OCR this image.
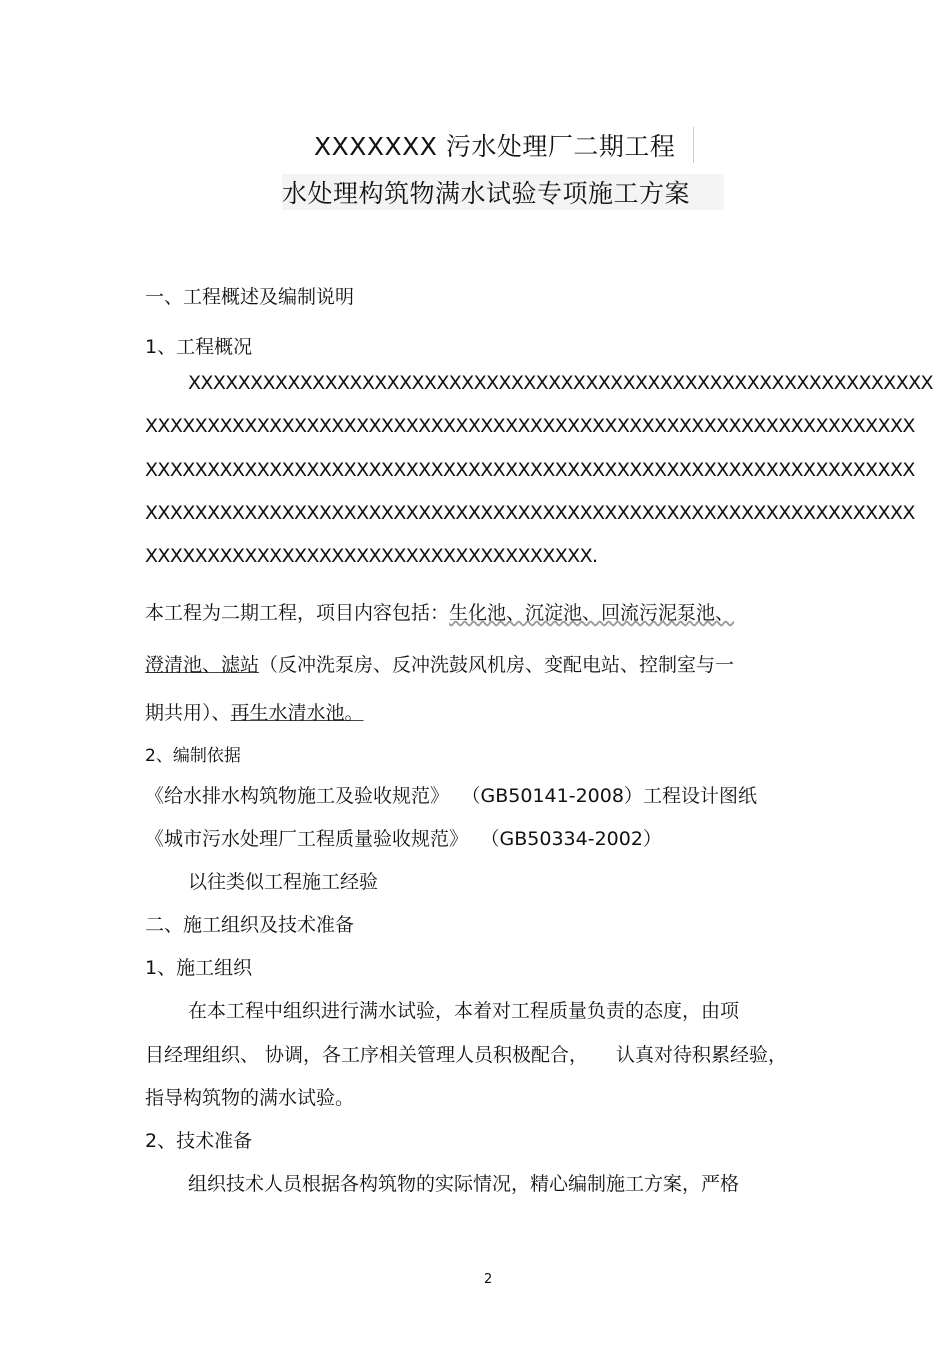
XXXXXXX 污水处理厂二期工程
水处理构筑物满水试验专项施工方案
一、工程概述及编制说明
1、工程概况
XXXXXXXXXXXXXXXXXXXXXXXXXXXXXXXXXXXXXXXXXXXXXXXXXXXXXXXXXXXX
XXXXXXXXXXXXXXXXXXXXXXXXXXXXXXXXXXXXXXXXXXXXXXXXXXXXXXXXXXXXXX
XXXXXXXXXXXXXXXXXXXXXXXXXXXXXXXXXXXXXXXXXXXXXXXXXXXXXXXXXXXXXX
XXXXXXXXXXXXXXXXXXXXXXXXXXXXXXXXXXXXXXXXXXXXXXXXXXXXXXXXXXXXXX
XXXXXXXXXXXXXXXXXXXXXXXXXXXXXXXXXXXX.
本工程为二期工程，项目内容包括：生化池、沉淀池、回流污泥泵池、
澄清池、滤站（反冲洗泵房、反冲洗鼓风机房、变配电站、控制室与一
期共用）、再生水清水池。
2、编制依据
《给水排水构筑物施工及验收规范》 （GB50141-2008）工程设计图纸
《城市污水处理厂工程质量验收规范》 （GB50334-2002）
以往类似工程施工经验
二、施工组织及技术准备
1、施工组织
在本工程中组织进行满水试验，本着对工程质量负责的态度，由项
目经理组织、 协调，各工序相关管理人员积极配合， 认真对待积累经验，
指导构筑物的满水试验。
2、技术准备
组织技术人员根据各构筑物的实际情况，精心编制施工方案，严格
2
